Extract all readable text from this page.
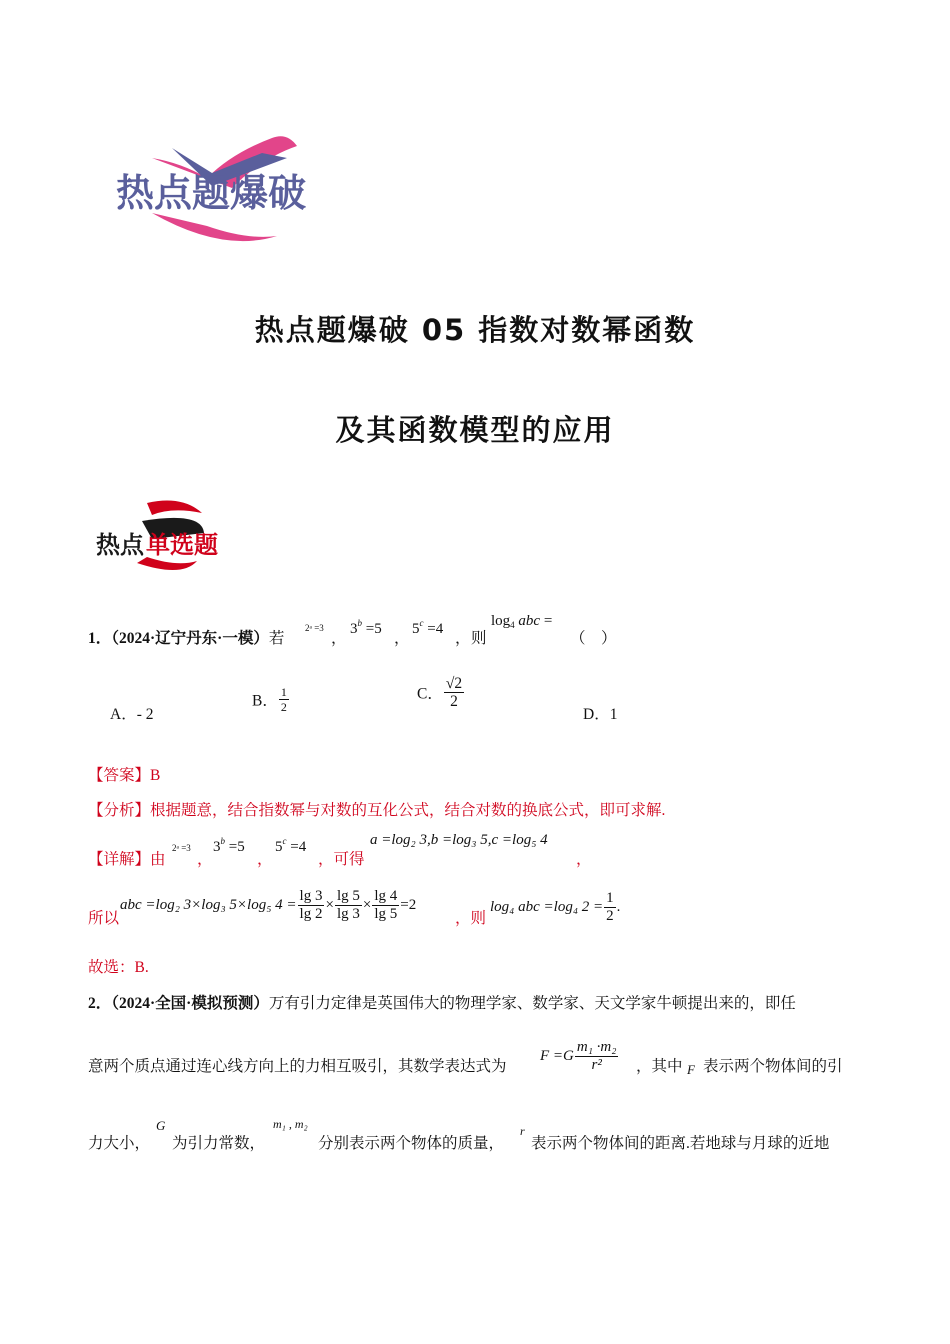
热点题爆破
热点题爆破 05 指数对数幂函数
及其函数模型的应用
热点 单选题
1．（2024·辽宁丹东·一模）若
2ᵃ =3
，
$3^b =5$
，
$5^c =4$
， 则
$\log_4$ abc =
（　）
A．- 2
B． $\frac{1}{2}$	C． $\frac{√2}{2}$
D．1
【答案】B
【分析】根据题意，结合指数幂与对数的互化公式，结合对数的换底公式，即可求解.
【详解】由
2ᵃ =3
，
$3^b =5$
，
$5^c =4$
，可得
a =log₂ 3,b =log₃ 5,c =log₅ 4
，
所以
abc =log₂ 3×log₃ 5×log₅ $4 = \frac{\lg 3}{\lg 2} \times \frac{\lg 5}{\lg 3} \times \frac{\lg 4}{\lg 5} =2$
，则
log₄ abc =log₄ $2 = \frac{1}{2}$ .
故选：B.
2．（2024·全国·模拟预测）万有引力定律是英国伟大的物理学家、数学家、天文学家牛顿提出来的，即任
意两个质点通过连心线方向上的力相互吸引，其数学表达式为
$F =G \frac{\text{m₁ ·m₂}}{\text{r²}}$ ，其中 F 表示两个物体间的引
力大小，
G
为引力常数，
m₁ , m₂
分别表示两个物体的质量，
r
表示两个物体间的距离.若地球与月球的近地
